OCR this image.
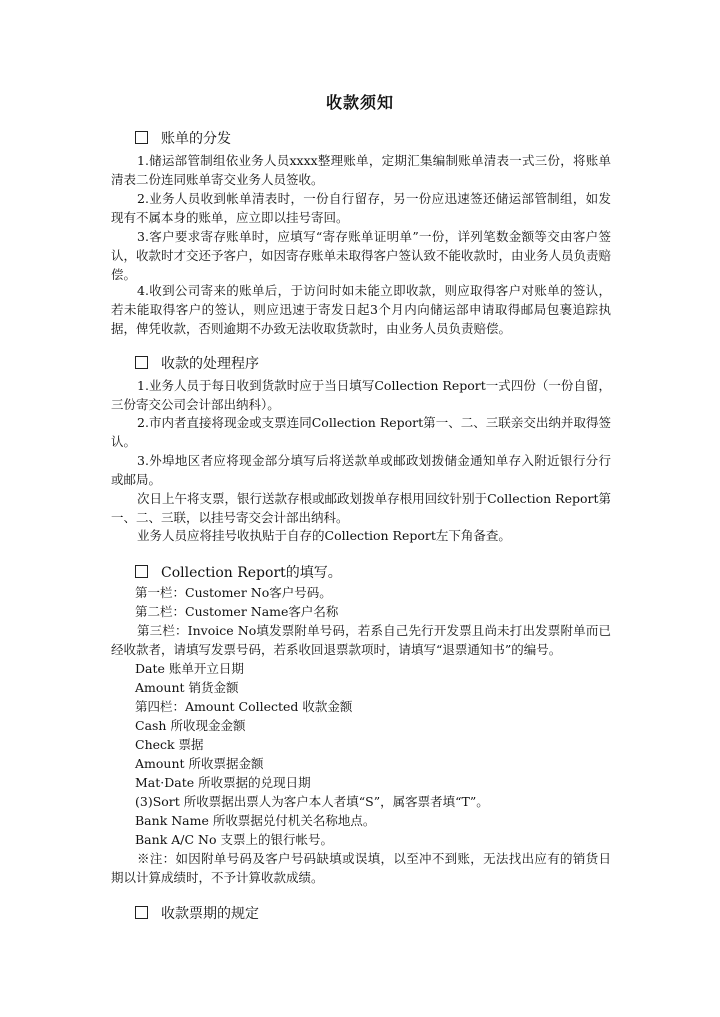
收款须知
账单的分发
1.储运部管制组依业务人员xxxx整理账单，定期汇集编制账单清表一式三份，将账单清表二份连同账单寄交业务人员签收。
2.业务人员收到帐单清表时，一份自行留存，另一份应迅速签还储运部管制组，如发现有不属本身的账单，应立即以挂号寄回。
3.客户要求寄存账单时，应填写“寄存账单证明单”一份，详列笔数金额等交由客户签认，收款时才交还予客户，如因寄存账单未取得客户签认致不能收款时，由业务人员负责赔偿。
4.收到公司寄来的账单后，于访问时如未能立即收款，则应取得客户对账单的签认，若未能取得客户的签认，则应迅速于寄发日起3个月内向储运部申请取得邮局包裹追踪执据，俾凭收款，否则逾期不办致无法收取货款时，由业务人员负责赔偿。
收款的处理程序
1.业务人员于每日收到货款时应于当日填写Collection Report一式四份（一份自留，三份寄交公司会计部出纳科）。
2.市内者直接将现金或支票连同Collection Report第一、二、三联亲交出纳并取得签认。
3.外埠地区者应将现金部分填写后将送款单或邮政划拨储金通知单存入附近银行分行或邮局。
次日上午将支票，银行送款存根或邮政划拨单存根用回纹针别于Collection Report第一、二、三联，以挂号寄交会计部出纳科。
业务人员应将挂号收执贴于自存的Collection Report左下角备查。
Collection Report的填写。
第一栏：Customer No客户号码。
第二栏：Customer Name客户名称
第三栏：Invoice No填发票附单号码，若系自己先行开发票且尚未打出发票附单而已经收款者，请填写发票号码，若系收回退票款项时，请填写“退票通知书”的编号。
Date 账单开立日期
Amount 销货金额
第四栏：Amount Collected 收款金额
Cash 所收现金金额
Check 票据
Amount 所收票据金额
Mat·Date 所收票据的兑现日期
(3)Sort 所收票据出票人为客户本人者填“S”，属客票者填“T”。
Bank Name 所收票据兑付机关名称地点。
Bank A/C No 支票上的银行帐号。
※注：如因附单号码及客户号码缺填或误填，以至冲不到账，无法找出应有的销货日期以计算成绩时，不予计算收款成绩。
收款票期的规定
